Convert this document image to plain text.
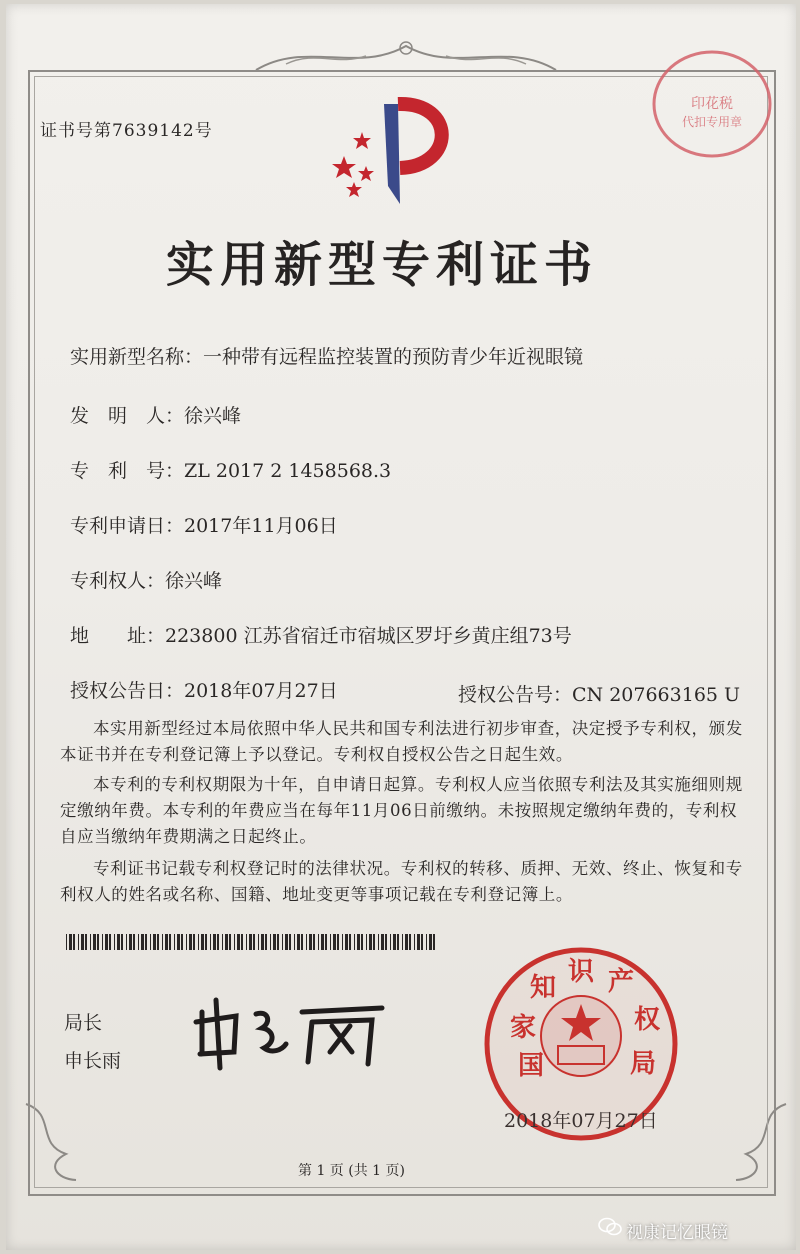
印花税
代扣专用章
证书号第7639142号
实用新型专利证书
实用新型名称：一种带有远程监控装置的预防青少年近视眼镜
发　明　人：徐兴峰
专　利　号：ZL 2017 2 1458568.3
专利申请日：2017年11月06日
专利权人：徐兴峰
地　　址：223800 江苏省宿迁市宿城区罗圩乡黄庄组73号
授权公告日：2018年07月27日	授权公告号：CN 207663165 U
本实用新型经过本局依照中华人民共和国专利法进行初步审查，决定授予专利权，颁发本证书并在专利登记簿上予以登记。专利权自授权公告之日起生效。
本专利的专利权期限为十年，自申请日起算。专利权人应当依照专利法及其实施细则规定缴纳年费。本专利的年费应当在每年11月06日前缴纳。未按照规定缴纳年费的，专利权自应当缴纳年费期满之日起终止。
专利证书记载专利权登记时的法律状况。专利权的转移、质押、无效、终止、恢复和专利权人的姓名或名称、国籍、地址变更等事项记载在专利登记簿上。
局长
申长雨	国
家
知
识 产
权
局
2018年07月27日
第 1 页 (共 1 页)
视康记忆眼镜
